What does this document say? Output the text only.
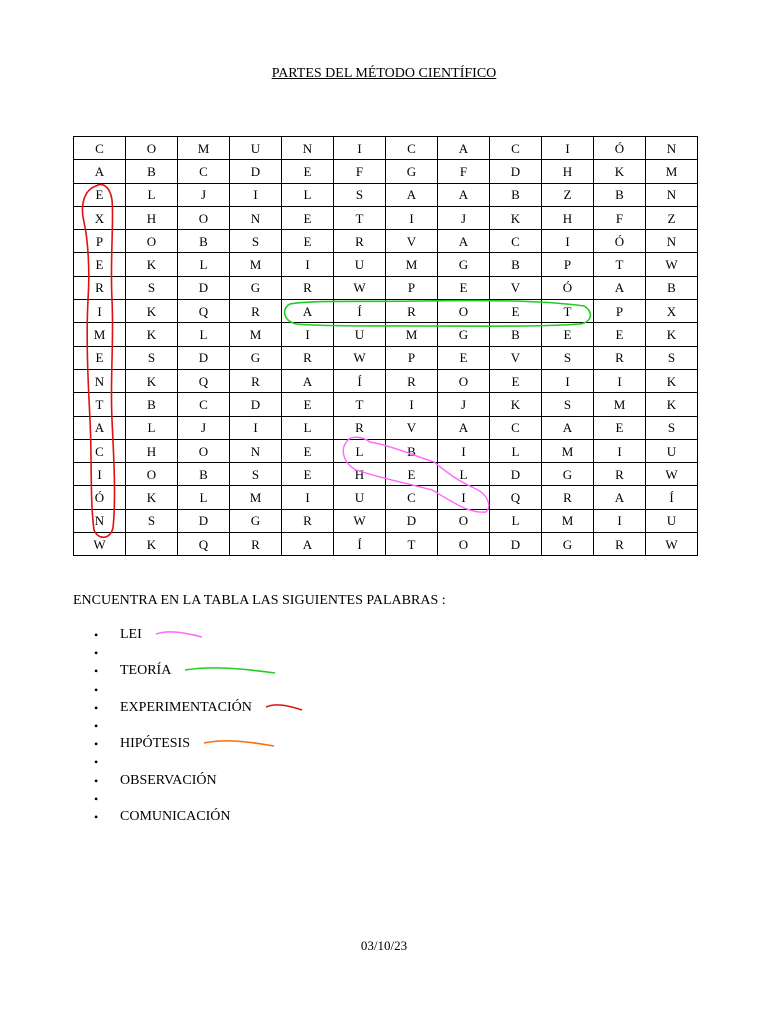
PARTES DEL MÉTODO CIENTÍFICO
C	O	M	U	N	I	C	A	C	I	Ó	N
A	B	C	D	E	F	G	F	D	H	K	M
E	L	J	I	L	S	A	A	B	Z	B	N
X	H	O	N	E	T	I	J	K	H	F	Z
P	O	B	S	E	R	V	A	C	I	Ó	N
E	K	L	M	I	U	M	G	B	P	T	W
R	S	D	G	R	W	P	E	V	Ó	A	B
I	K	Q	R	A	Í	R	O	E	T	P	X
M	K	L	M	I	U	M	G	B	E	E	K
E	S	D	G	R	W	P	E	V	S	R	S
N	K	Q	R	A	Í	R	O	E	I	I	K
T	B	C	D	E	T	I	J	K	S	M	K
A	L	J	I	L	R	V	A	C	A	E	S
C	H	O	N	E	L	B	I	L	M	I	U
I	O	B	S	E	H	E	L	D	G	R	W
Ó	K	L	M	I	U	C	I	Q	R	A	Í
N	S	D	G	R	W	D	O	L	M	I	U
W	K	Q	R	A	Í	T	O	D	G	R	W
ENCUENTRA EN LA TABLA LAS SIGUIENTES PALABRAS :
• LEI
•
• TEORÍA
•
• EXPERIMENTACIÓN
•
• HIPÓTESIS
•
• OBSERVACIÓN
•
• COMUNICACIÓN
03/10/23
